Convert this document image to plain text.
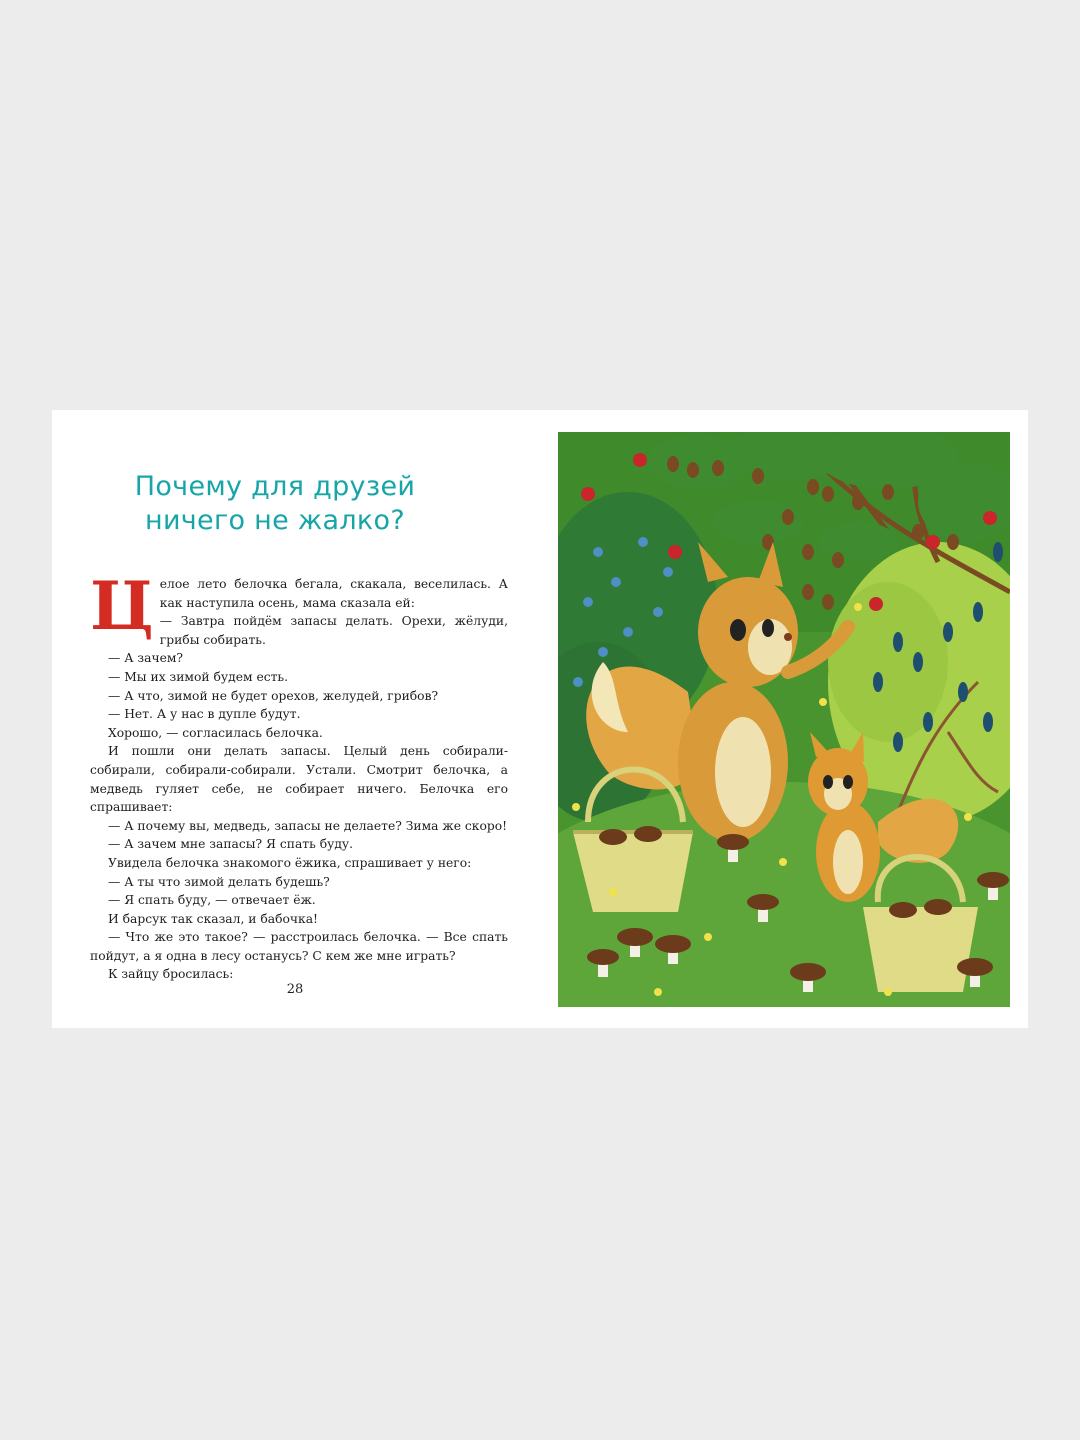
Почему для друзей
ничего не жалко?

Целое лето белочка бегала, скакала, веселилась. А как наступила осень, мама сказала ей:

— Завтра пойдём запасы делать. Орехи, жёлуди, грибы собирать.

— А зачем?

— Мы их зимой будем есть.

— А что, зимой не будет орехов, желудей, грибов?

— Нет. А у нас в дупле будут.

Хорошо, — согласилась белочка.

И пошли они делать запасы. Целый день собирали-собирали, собирали-собирали. Устали. Смотрит белочка, а медведь гуляет себе, не собирает ничего. Белочка его спрашивает:

— А почему вы, медведь, запасы не делаете? Зима же скоро!

— А зачем мне запасы? Я спать буду.

Увидела белочка знакомого ёжика, спрашивает у него:

— А ты что зимой делать будешь?

— Я спать буду, — отвечает ёж.

И барсук так сказал, и бабочка!

— Что же это такое? — расстроилась белочка. — Все спать пойдут, а я одна в лесу останусь? С кем же мне играть?

К зайцу бросилась:

28
